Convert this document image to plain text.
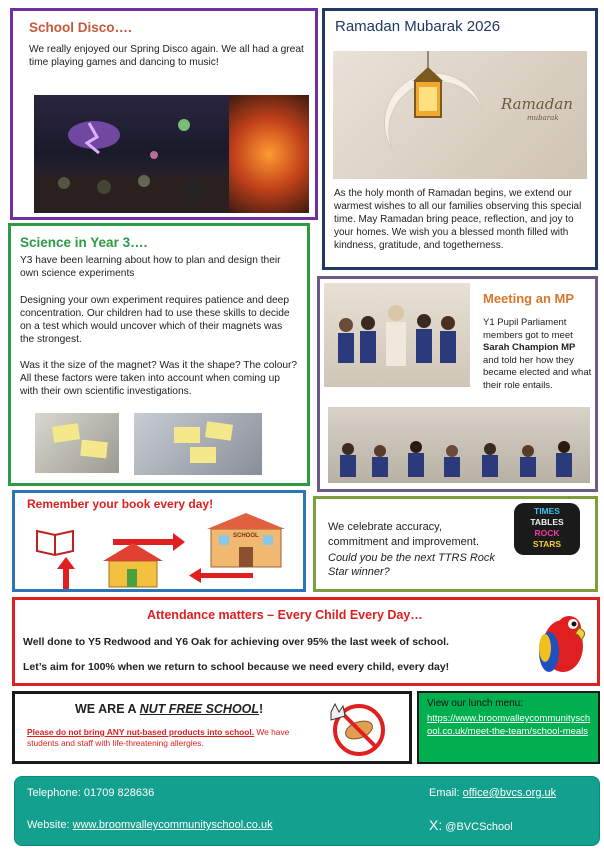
School Disco….

We really enjoyed our Spring Disco again. We all had a great time playing games and dancing to music!

Ramadan Mubarak 2026
Ramadan
mubarak

As the holy month of Ramadan begins, we extend our warmest wishes to all our families observing this special time. May Ramadan bring peace, reflection, and joy to your homes. We wish you a blessed month filled with kindness, gratitude, and togetherness.

Science in Year 3….

Y3 have been learning about how to plan and design their own science experiments

Designing your own experiment requires patience and deep concentration. Our children had to use these skills to decide on a test which would uncover which of their magnets was the strongest.

Was it the size of the magnet? Was it the shape? The colour? All these factors were taken into account when coming up with their own scientific investigations.

Meeting an MP

Y1 Pupil Parliament members got to meet Sarah Champion MP and told her how they became elected and what their role entails.

Remember your book every day!
SCHOOL
We celebrate accuracy,
commitment and improvement.
Could you be the next TTRS Rock Star winner?
TIMES
TABLES
ROCK
STARS
Attendance matters – Every Child Every Day…
Well done to Y5 Redwood and Y6 Oak for achieving over 95% the last week of school.
Let’s aim for 100% when we return to school because we need every child, every day!
WE ARE A NUT FREE SCHOOL!

Please do not bring ANY nut-based products into school. We have students and staff with life-threatening allergies.

View our lunch menu:
https://www.broomvalleycommunityschool.co.uk/meet-the-team/school-meals
Telephone: 01709 828636	Email: office@bvcs.org.uk
Website: www.broomvalleycommunityschool.co.uk	X: @BVCSchool
